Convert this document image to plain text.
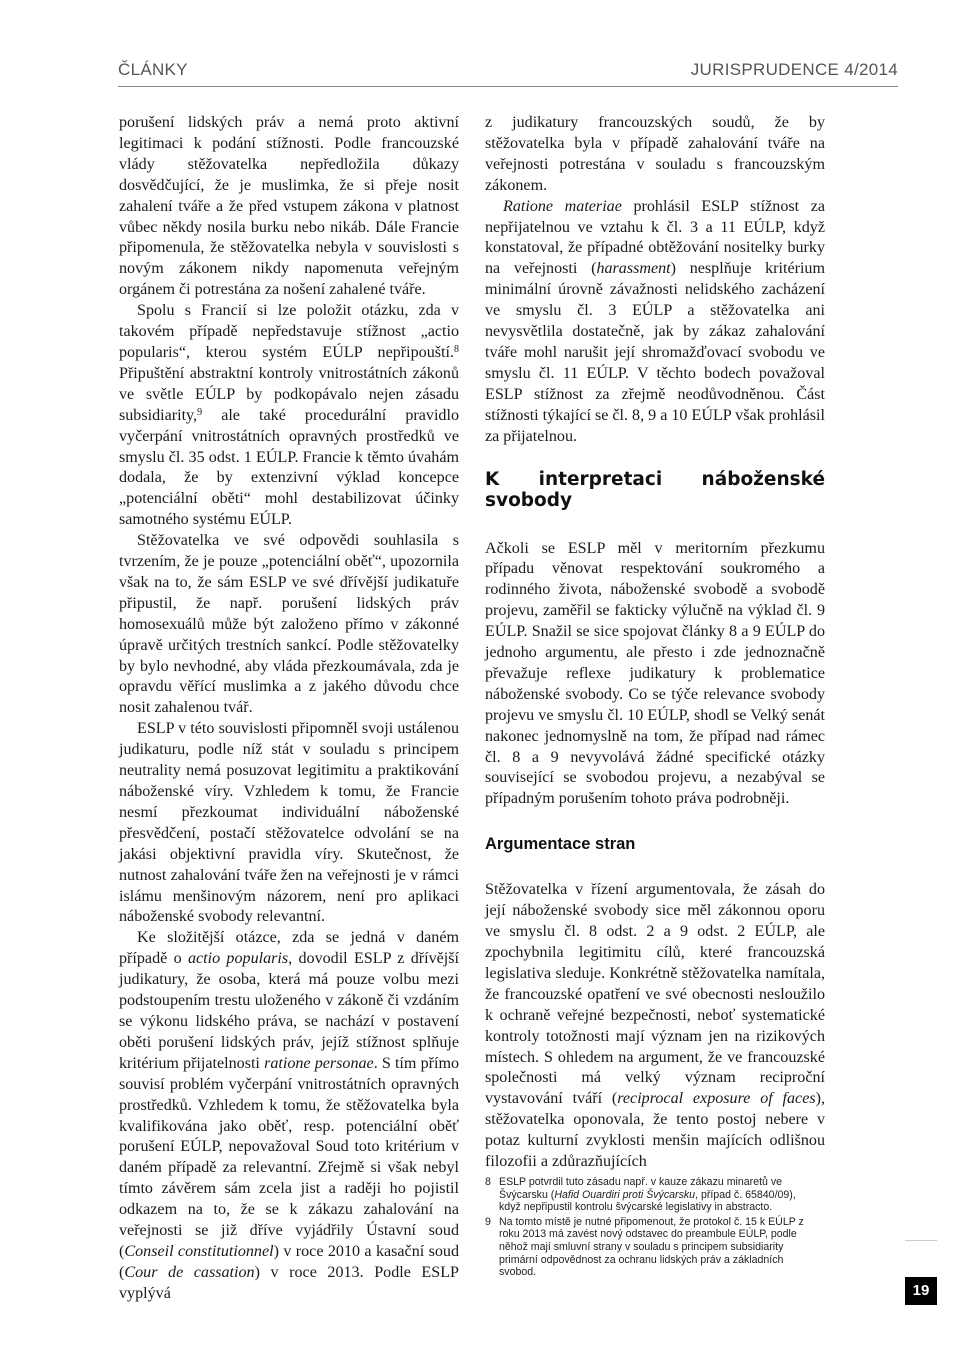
ČLÁNKY	JURISPRUDENCE 4/2014

porušení lidských práv a nemá proto aktivní legitimaci k podání stížnosti. Podle francouzské vlády stěžovatelka nepředložila důkazy dosvědčující, že je muslimka, že si přeje nosit zahalení tváře a že před vstupem zákona v platnost vůbec někdy nosila burku nebo nikáb. Dále Francie připomenula, že stěžovatelka nebyla v souvislosti s novým zákonem nikdy napomenuta veřejným orgánem či potrestána za nošení zahalené tváře.

Spolu s Francií si lze položit otázku, zda v takovém případě nepředstavuje stížnost „actio popularis“, kterou systém EÚLP nepřipouští.$^8$ Připuštění abstraktní kontroly vnitrostátních zákonů ve světle EÚLP by podkopávalo nejen zásadu subsidiarity,$^9$ ale také procedurální pravidlo vyčerpání vnitrostátních opravných prostředků ve smyslu čl. 35 odst. 1 EÚLP. Francie k těmto úvahám dodala, že by extenzivní výklad koncepce „potenciální oběti“ mohl destabilizovat účinky samotného systému EÚLP.

Stěžovatelka ve své odpovědi souhlasila s tvrzením, že je pouze „potenciální oběť“, upozornila však na to, že sám ESLP ve své dřívější judikatuře připustil, že např. porušení lidských práv homosexuálů může být založeno přímo v zákonné úpravě určitých trestních sankcí. Podle stěžovatelky by bylo nevhodné, aby vláda přezkoumávala, zda je opravdu věřící muslimka a z jakého důvodu chce nosit zahalenou tvář.

ESLP v této souvislosti připomněl svoji ustálenou judikaturu, podle níž stát v souladu s principem neutrality nemá posuzovat legitimitu a praktikování náboženské víry. Vzhledem k tomu, že Francie nesmí přezkoumat individuální náboženské přesvědčení, postačí stěžovatelce odvolání se na jakási objektivní pravidla víry. Skutečnost, že nutnost zahalování tváře žen na veřejnosti je v rámci islámu menšinovým názorem, není pro aplikaci náboženské svobody relevantní.

Ke složitější otázce, zda se jedná v daném případě o actio popularis, dovodil ESLP z dřívější judikatury, že osoba, která má pouze volbu mezi podstoupením trestu uloženého v zákoně či vzdáním se výkonu lidského práva, se nachází v postavení oběti porušení lidských práv, jejíž stížnost splňuje kritérium přijatelnosti ratione personae. S tím přímo souvisí problém vyčerpání vnitrostátních opravných prostředků. Vzhledem k tomu, že stěžovatelka byla kvalifikována jako oběť, resp. potenciální oběť porušení EÚLP, nepovažoval Soud toto kritérium v daném případě za relevantní. Zřejmě si však nebyl tímto závěrem sám zcela jist a raději ho pojistil odkazem na to, že se k zákazu zahalování na veřejnosti se již dříve vyjádřily Ústavní soud (Conseil constitutionnel) v roce 2010 a kasační soud (Cour de cassation) v roce 2013. Podle ESLP vyplývá

z judikatury francouzských soudů, že by stěžovatelka byla v případě zahalování tváře na veřejnosti potrestána v souladu s francouzským zákonem.

Ratione materiae prohlásil ESLP stížnost za nepřijatelnou ve vztahu k čl. 3 a 11 EÚLP, když konstatoval, že případné obtěžování nositelky burky na veřejnosti (harassment) nesplňuje kritérium minimální úrovně závažnosti nelidského zacházení ve smyslu čl. 3 EÚLP a stěžovatelka ani nevysvětlila dostatečně, jak by zákaz zahalování tváře mohl narušit její shromažďovací svobodu ve smyslu čl. 11 EÚLP. V těchto bodech považoval ESLP stížnost za zřejmě neodůvodněnou. Část stížnosti týkající se čl. 8, 9 a 10 EÚLP však prohlásil za přijatelnou.

K interpretaci náboženské svobody

Ačkoli se ESLP měl v meritorním přezkumu případu věnovat respektování soukromého a rodinného života, náboženské svobodě a svobodě projevu, zaměřil se fakticky výlučně na výklad čl. 9 EÚLP. Snažil se sice spojovat články 8 a 9 EÚLP do jednoho argumentu, ale přesto i zde jednoznačně převažuje reflexe judikatury k problematice náboženské svobody. Co se týče relevance svobody projevu ve smyslu čl. 10 EÚLP, shodl se Velký senát nakonec jednomyslně na tom, že případ nad rámec čl. 8 a 9 nevyvolává žádné specifické otázky související se svobodou projevu, a nezabýval se případným porušením tohoto práva podrobněji.

Argumentace stran

Stěžovatelka v řízení argumentovala, že zásah do její náboženské svobody sice měl zákonnou oporu ve smyslu čl. 8 odst. 2 a 9 odst. 2 EÚLP, ale zpochybnila legitimitu cílů, které francouzská legislativa sleduje. Konkrétně stěžovatelka namítala, že francouzské opatření ve své obecnosti nesloužilo k ochraně veřejné bezpečnosti, neboť systematické kontroly totožnosti mají význam jen na rizikových místech. S ohledem na argument, že ve francouzské společnosti má velký význam reciproční vystavování tváří (reciprocal exposure of faces), stěžovatelka oponovala, že tento postoj nebere v potaz kulturní zvyklosti menšin majících odlišnou filozofii a zdůrazňujících

8 ESLP potvrdil tuto zásadu např. v kauze zákazu minaretů ve Švýcarsku (Hafid Ouardiri proti Švýcarsku, případ č. 65840/09), když nepřipustil kontrolu švýcarské legislativy in abstracto.
9 Na tomto místě je nutné připomenout, že protokol č. 15 k EÚLP z roku 2013 má zavést nový odstavec do preambule EÚLP, podle něhož mají smluvní strany v souladu s principem subsidiarity primární odpovědnost za ochranu lidských práv a základních svobod.
19
